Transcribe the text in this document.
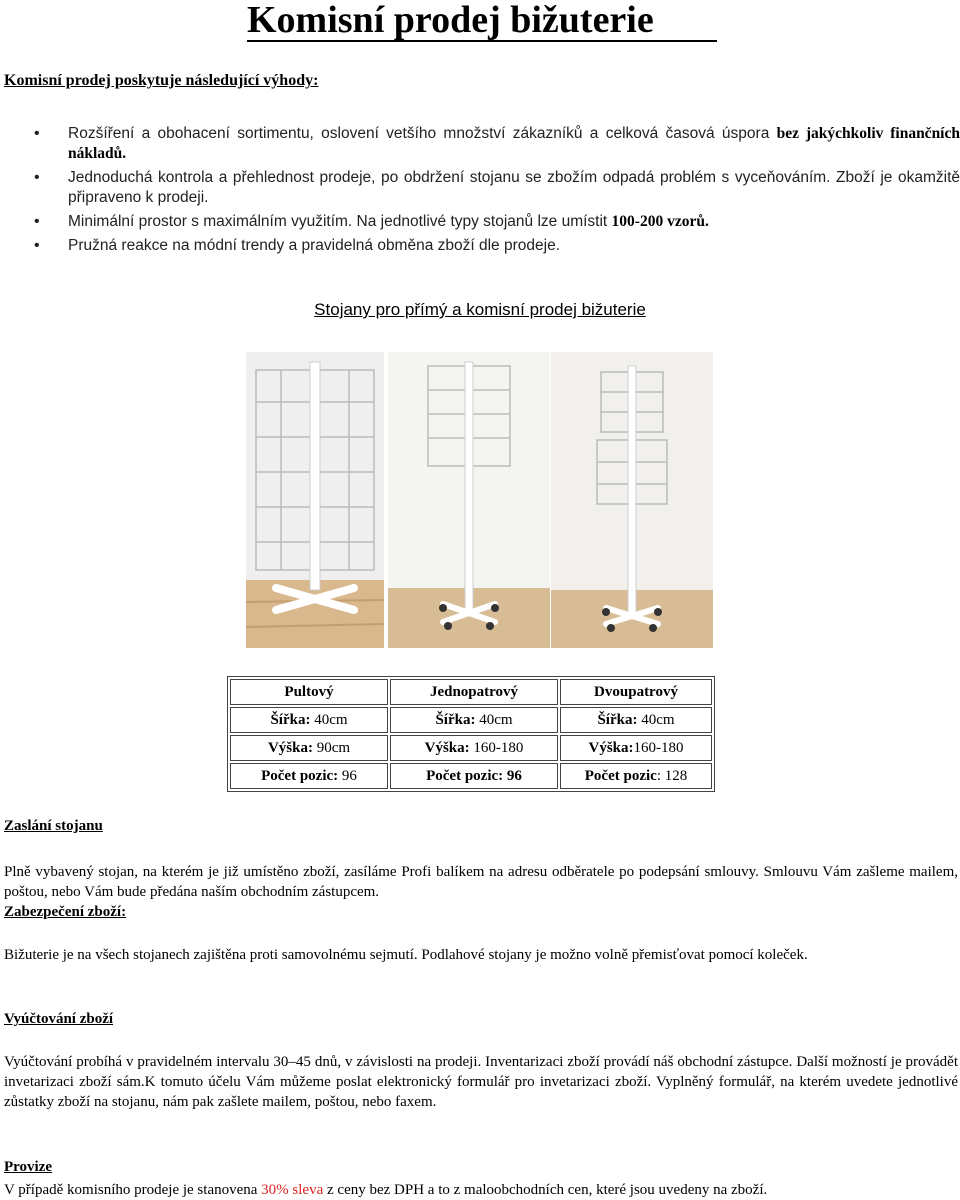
Komisní prodej bižuterie
Komisní prodej poskytuje následující výhody:
• Rozšíření a obohacení sortimentu, oslovení vetšího množství zákazníků a celková časová úspora bez jakýchkoliv finančních nákladů.
• Jednoduchá kontrola a přehlednost prodeje, po obdržení stojanu se zbožím odpadá problém s vyceňováním. Zboží je okamžitě připraveno k prodeji.
• Minimální prostor s maximálním využitím. Na jednotlivé typy stojanů lze umístit 100-200 vzorů.
• Pružná reakce na módní trendy a pravidelná obměna zboží dle prodeje.
Stojany pro přímý a komisní prodej bižuterie
Pultový	Jednopatrový	Dvoupatrový
Šířka: 40cm	Šířka: 40cm	Šířka: 40cm
Výška: 90cm	Výška: 160-180	Výška:160-180
Počet pozic: 96	Počet pozic: 96	Počet pozic: 128
Zaslání stojanu
Plně vybavený stojan, na kterém je již umístěno zboží, zasíláme Profi balíkem na adresu odběratele po podepsání smlouvy. Smlouvu Vám zašleme mailem, poštou, nebo Vám bude předána naším obchodním zástupcem.
Zabezpečení zboží:
Bižuterie je na všech stojanech zajištěna proti samovolnému sejmutí. Podlahové stojany je možno volně přemisťovat pomocí koleček.
Vyúčtování zboží
Vyúčtování probíhá v pravidelném intervalu 30–45 dnů, v závislosti na prodeji. Inventarizaci zboží provádí náš obchodní zástupce. Další možností je provádět invetarizaci zboží sám.K tomuto účelu Vám můžeme poslat elektronický formulář pro invetarizaci zboží. Vyplněný formulář, na kterém uvedete jednotlivé zůstatky zboží na stojanu, nám pak zašlete mailem, poštou, nebo faxem.
Provize
V případě komisního prodeje je stanovena 30% sleva z ceny bez DPH a to z maloobchodních cen, které jsou uvedeny na zboží.
